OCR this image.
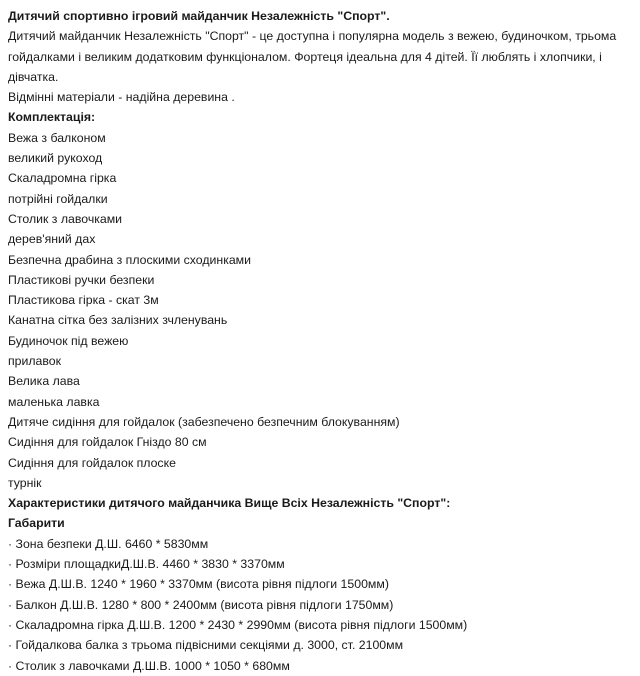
Дитячий спортивно ігровий майданчик Незалежність "Спорт".
Дитячий майданчик Незалежність "Спорт" - це доступна і популярна модель з вежею, будиночком, трьома гойдалками і великим додатковим функціоналом. Фортеця ідеальна для 4 дітей. Її люблять і хлопчики, і дівчатка.
Відмінні матеріали - надійна деревина .
Комплектація:
Вежа з балконом
великий рукоход
Скаладромна гірка
потрійні гойдалки
Столик з лавочками
дерев'яний дах
Безпечна драбина з плоскими сходинками
Пластикові ручки безпеки
Пластикова гірка - скат 3м
Канатна сітка без залізних зчленувань
Будиночок під вежею
прилавок
Велика лава
маленька лавка
Дитяче сидіння для гойдалок (забезпечено безпечним блокуванням)
Сидіння для гойдалок Гніздо 80 см
Сидіння для гойдалок плоске
турнік
Характеристики дитячого майданчика Вище Всіх Незалежність "Спорт":
Габарити
· Зона безпеки Д.Ш. 6460 * 5830мм
· Розміри площадкиД.Ш.В. 4460 * 3830 * 3370мм
· Вежа Д.Ш.В. 1240 * 1960 * 3370мм (висота рівня підлоги 1500мм)
· Балкон Д.Ш.В. 1280 * 800 * 2400мм (висота рівня підлоги 1750мм)
· Скаладромна гірка Д.Ш.В. 1200 * 2430 * 2990мм (висота рівня підлоги 1500мм)
· Гойдалкова балка з трьома підвісними секціями д. 3000, ст. 2100мм
· Столик з лавочками Д.Ш.В. 1000 * 1050 * 680мм
